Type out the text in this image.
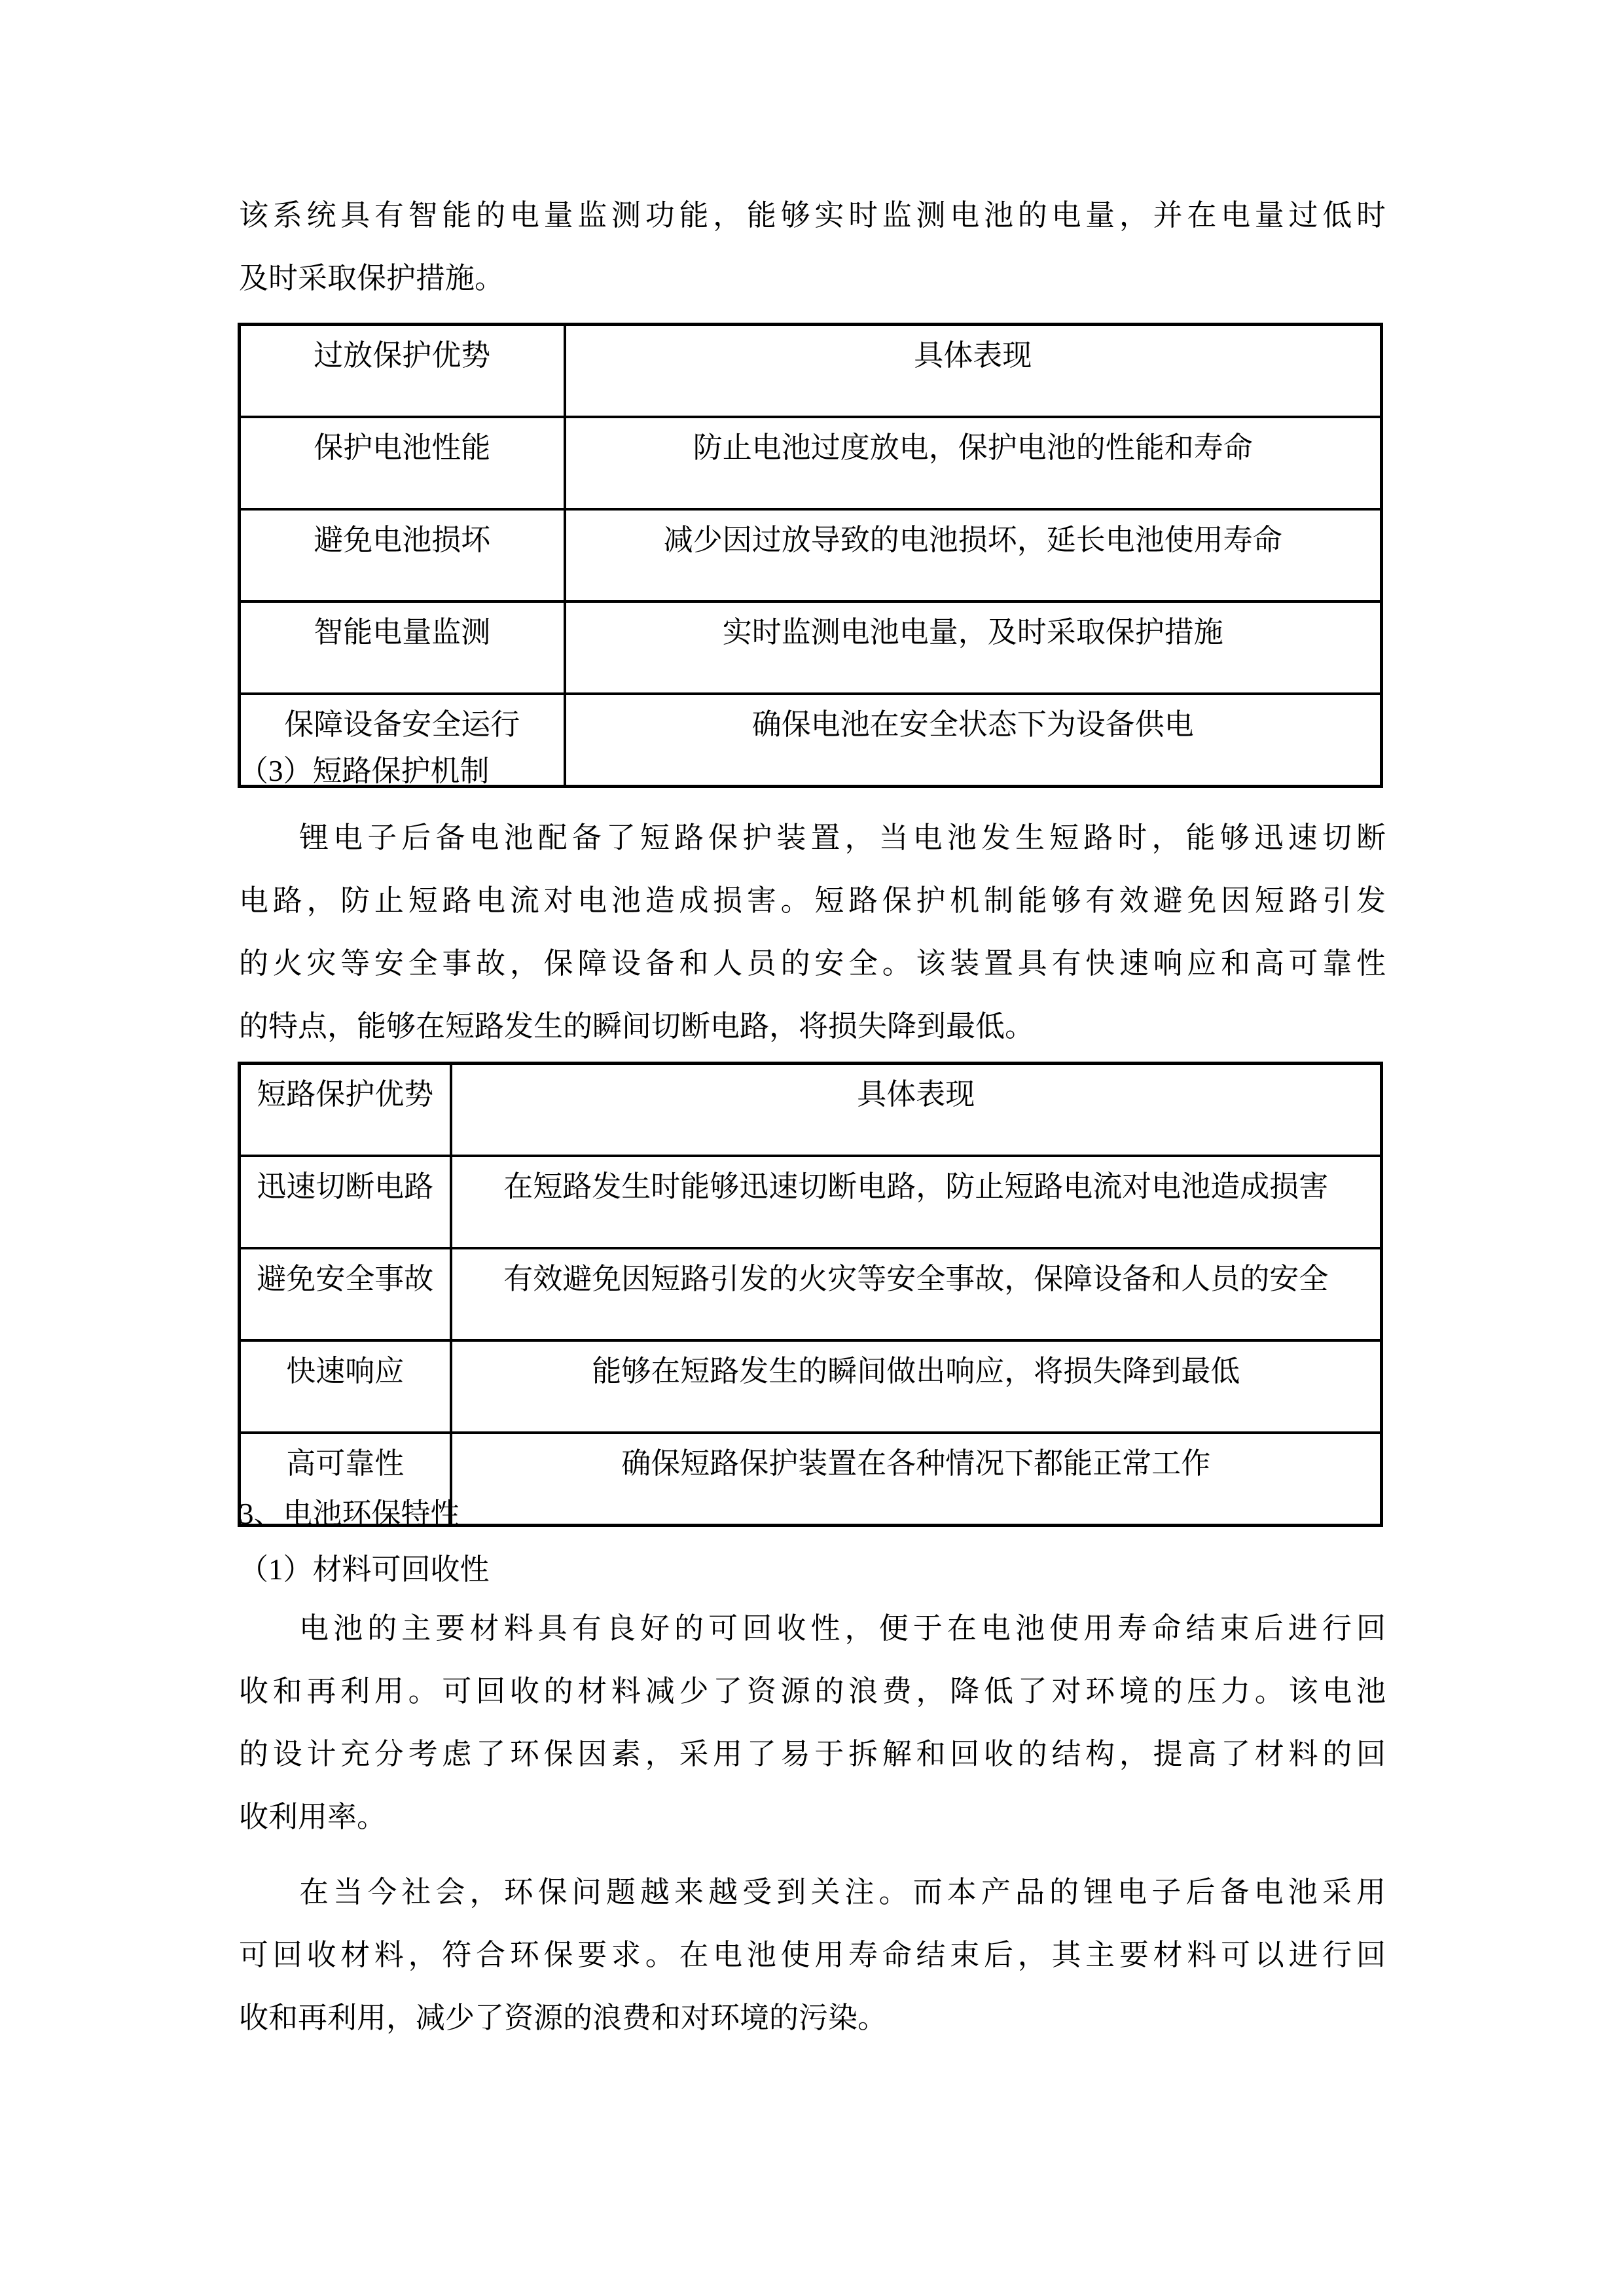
该系统具有智能的电量监测功能，能够实时监测电池的电量，并在电量过低时
及时采取保护措施。
过放保护优势	具体表现
保护电池性能	防止电池过度放电，保护电池的性能和寿命
避免电池损坏	减少因过放导致的电池损坏，延长电池使用寿命
智能电量监测	实时监测电池电量，及时采取保护措施
保障设备安全运行	确保电池在安全状态下为设备供电
（3）短路保护机制
锂电子后备电池配备了短路保护装置，当电池发生短路时，能够迅速切断
电路，防止短路电流对电池造成损害。短路保护机制能够有效避免因短路引发
的火灾等安全事故，保障设备和人员的安全。该装置具有快速响应和高可靠性
的特点，能够在短路发生的瞬间切断电路，将损失降到最低。
短路保护优势	具体表现
迅速切断电路	在短路发生时能够迅速切断电路，防止短路电流对电池造成损害
避免安全事故	有效避免因短路引发的火灾等安全事故，保障设备和人员的安全
快速响应	能够在短路发生的瞬间做出响应，将损失降到最低
高可靠性	确保短路保护装置在各种情况下都能正常工作
3、电池环保特性
（1）材料可回收性
电池的主要材料具有良好的可回收性，便于在电池使用寿命结束后进行回
收和再利用。可回收的材料减少了资源的浪费，降低了对环境的压力。该电池
的设计充分考虑了环保因素，采用了易于拆解和回收的结构，提高了材料的回
收利用率。
在当今社会，环保问题越来越受到关注。而本产品的锂电子后备电池采用
可回收材料，符合环保要求。在电池使用寿命结束后，其主要材料可以进行回
收和再利用，减少了资源的浪费和对环境的污染。
